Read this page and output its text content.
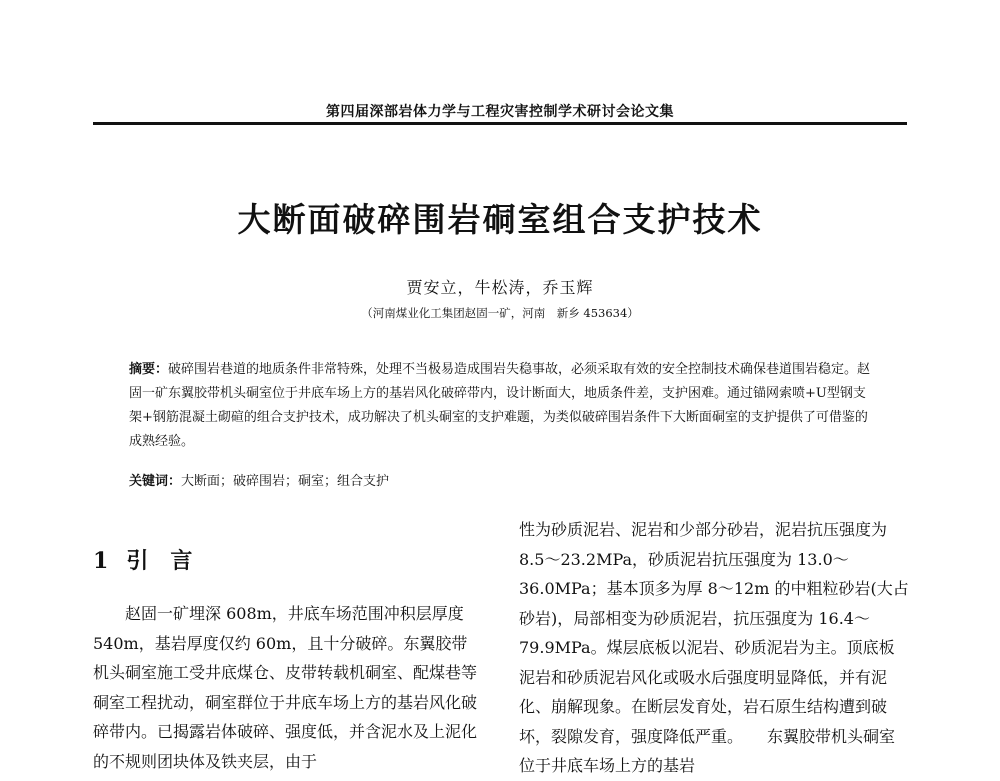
第四届深部岩体力学与工程灾害控制学术研讨会论文集
大断面破碎围岩硐室组合支护技术
贾安立，牛松涛，乔玉辉
（河南煤业化工集团赵固一矿，河南　新乡 453634）

摘要：破碎围岩巷道的地质条件非常特殊，处理不当极易造成围岩失稳事故，必须采取有效的安全控制技术确保巷道围岩稳定。赵固一矿东翼胶带机头硐室位于井底车场上方的基岩风化破碎带内，设计断面大，地质条件差，支护困难。通过锚网索喷+U型钢支架+钢筋混凝土砌碹的组合支护技术，成功解决了机头硐室的支护难题，为类似破碎围岩条件下大断面硐室的支护提供了可借鉴的成熟经验。

关键词：大断面；破碎围岩；硐室；组合支护

1 引　言

赵固一矿埋深 608m，井底车场范围冲积层厚度 540m，基岩厚度仅约 60m，且十分破碎。东翼胶带机头硐室施工受井底煤仓、皮带转载机硐室、配煤巷等硐室工程扰动，硐室群位于井底车场上方的基岩风化破碎带内。已揭露岩体破碎、强度低，并含泥水及上泥化的不规则团块体及铁夹层，由于

性为砂质泥岩、泥岩和少部分砂岩，泥岩抗压强度为 8.5～23.2MPa，砂质泥岩抗压强度为 13.0～36.0MPa；基本顶多为厚 8～12m 的中粗粒砂岩(大占砂岩)，局部相变为砂质泥岩，抗压强度为 16.4～79.9MPa。煤层底板以泥岩、砂质泥岩为主。顶底板泥岩和砂质泥岩风化或吸水后强度明显降低，并有泥化、崩解现象。在断层发育处，岩石原生结构遭到破坏，裂隙发育，强度降低严重。　　东翼胶带机头硐室位于井底车场上方的基岩
